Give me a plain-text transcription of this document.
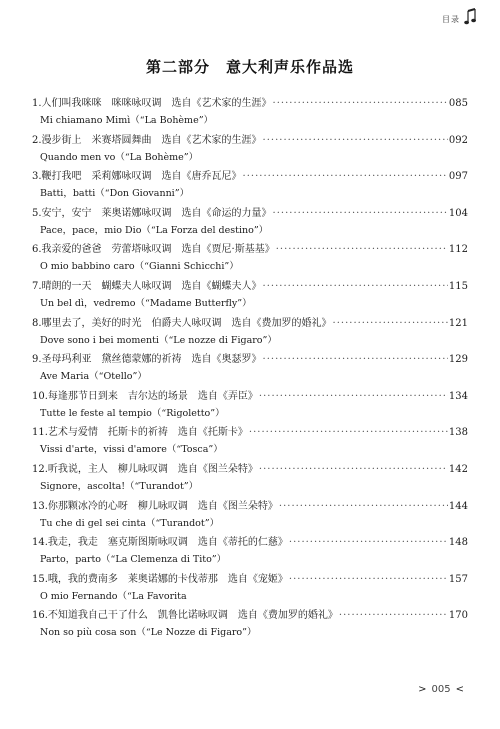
目录
第二部分　意大利声乐作品选
1.人们叫我咪咪　咪咪咏叹调　选自《艺术家的生涯》 ·····	085
Mi chiamano Mimì（“La Bohème”）
2.漫步街上　米赛塔圆舞曲　选自《艺术家的生涯》 ·····	092
Quando men vo（“La Bohème”）
3.鞭打我吧　采莉娜咏叹调　选自《唐乔瓦尼》 ·····	097
Batti，batti（“Don Giovanni”）
5.安宁，安宁　莱奥诺娜咏叹调　选自《命运的力量》 ·····	104
Pace，pace，mio Dio（“La Forza del destino”）
6.我亲爱的爸爸　劳蕾塔咏叹调　选自《贾尼·斯基基》 ·····	112
O mio babbino caro（“Gianni Schicchi”）
7.晴朗的一天　蝴蝶夫人咏叹调　选自《蝴蝶夫人》 ·····	115
Un bel dì，vedremo（“Madame Butterfly”）
8.哪里去了，美好的时光　伯爵夫人咏叹调　选自《费加罗的婚礼》 ·····	121
Dove sono i bei momenti（“Le nozze di Figaro”）
9.圣母玛利亚　黛丝德蒙娜的祈祷　选自《奥瑟罗》 ·····	129
Ave Maria（“Otello”）
10.每逢那节日到来　吉尔达的场景　选自《弄臣》 ·····	134
Tutte le feste al tempio（“Rigoletto”）
11.艺术与爱情　托斯卡的祈祷　选自《托斯卡》 ·····	138
Vissi d'arte，vissi d'amore（“Tosca”）
12.听我说，主人　柳儿咏叹调　选自《图兰朵特》 ·····	142
Signore，ascolta!（“Turandot”）
13.你那颗冰冷的心呀　柳儿咏叹调　选自《图兰朵特》 ·····	144
Tu che di gel sei cinta（“Turandot”）
14.我走，我走　塞克斯图斯咏叹调　选自《蒂托的仁慈》 ·····	148
Parto，parto（“La Clemenza di Tito”）
15.哦，我的费南多　莱奥诺娜的卡伐蒂那　选自《宠姬》 ·····	157
O mio Fernando（“La Favorita
16.不知道我自己干了什么　凯鲁比诺咏叹调　选自《费加罗的婚礼》 ·····	170
Non so più cosa son（“Le Nozze di Figaro”）
> 005 <
